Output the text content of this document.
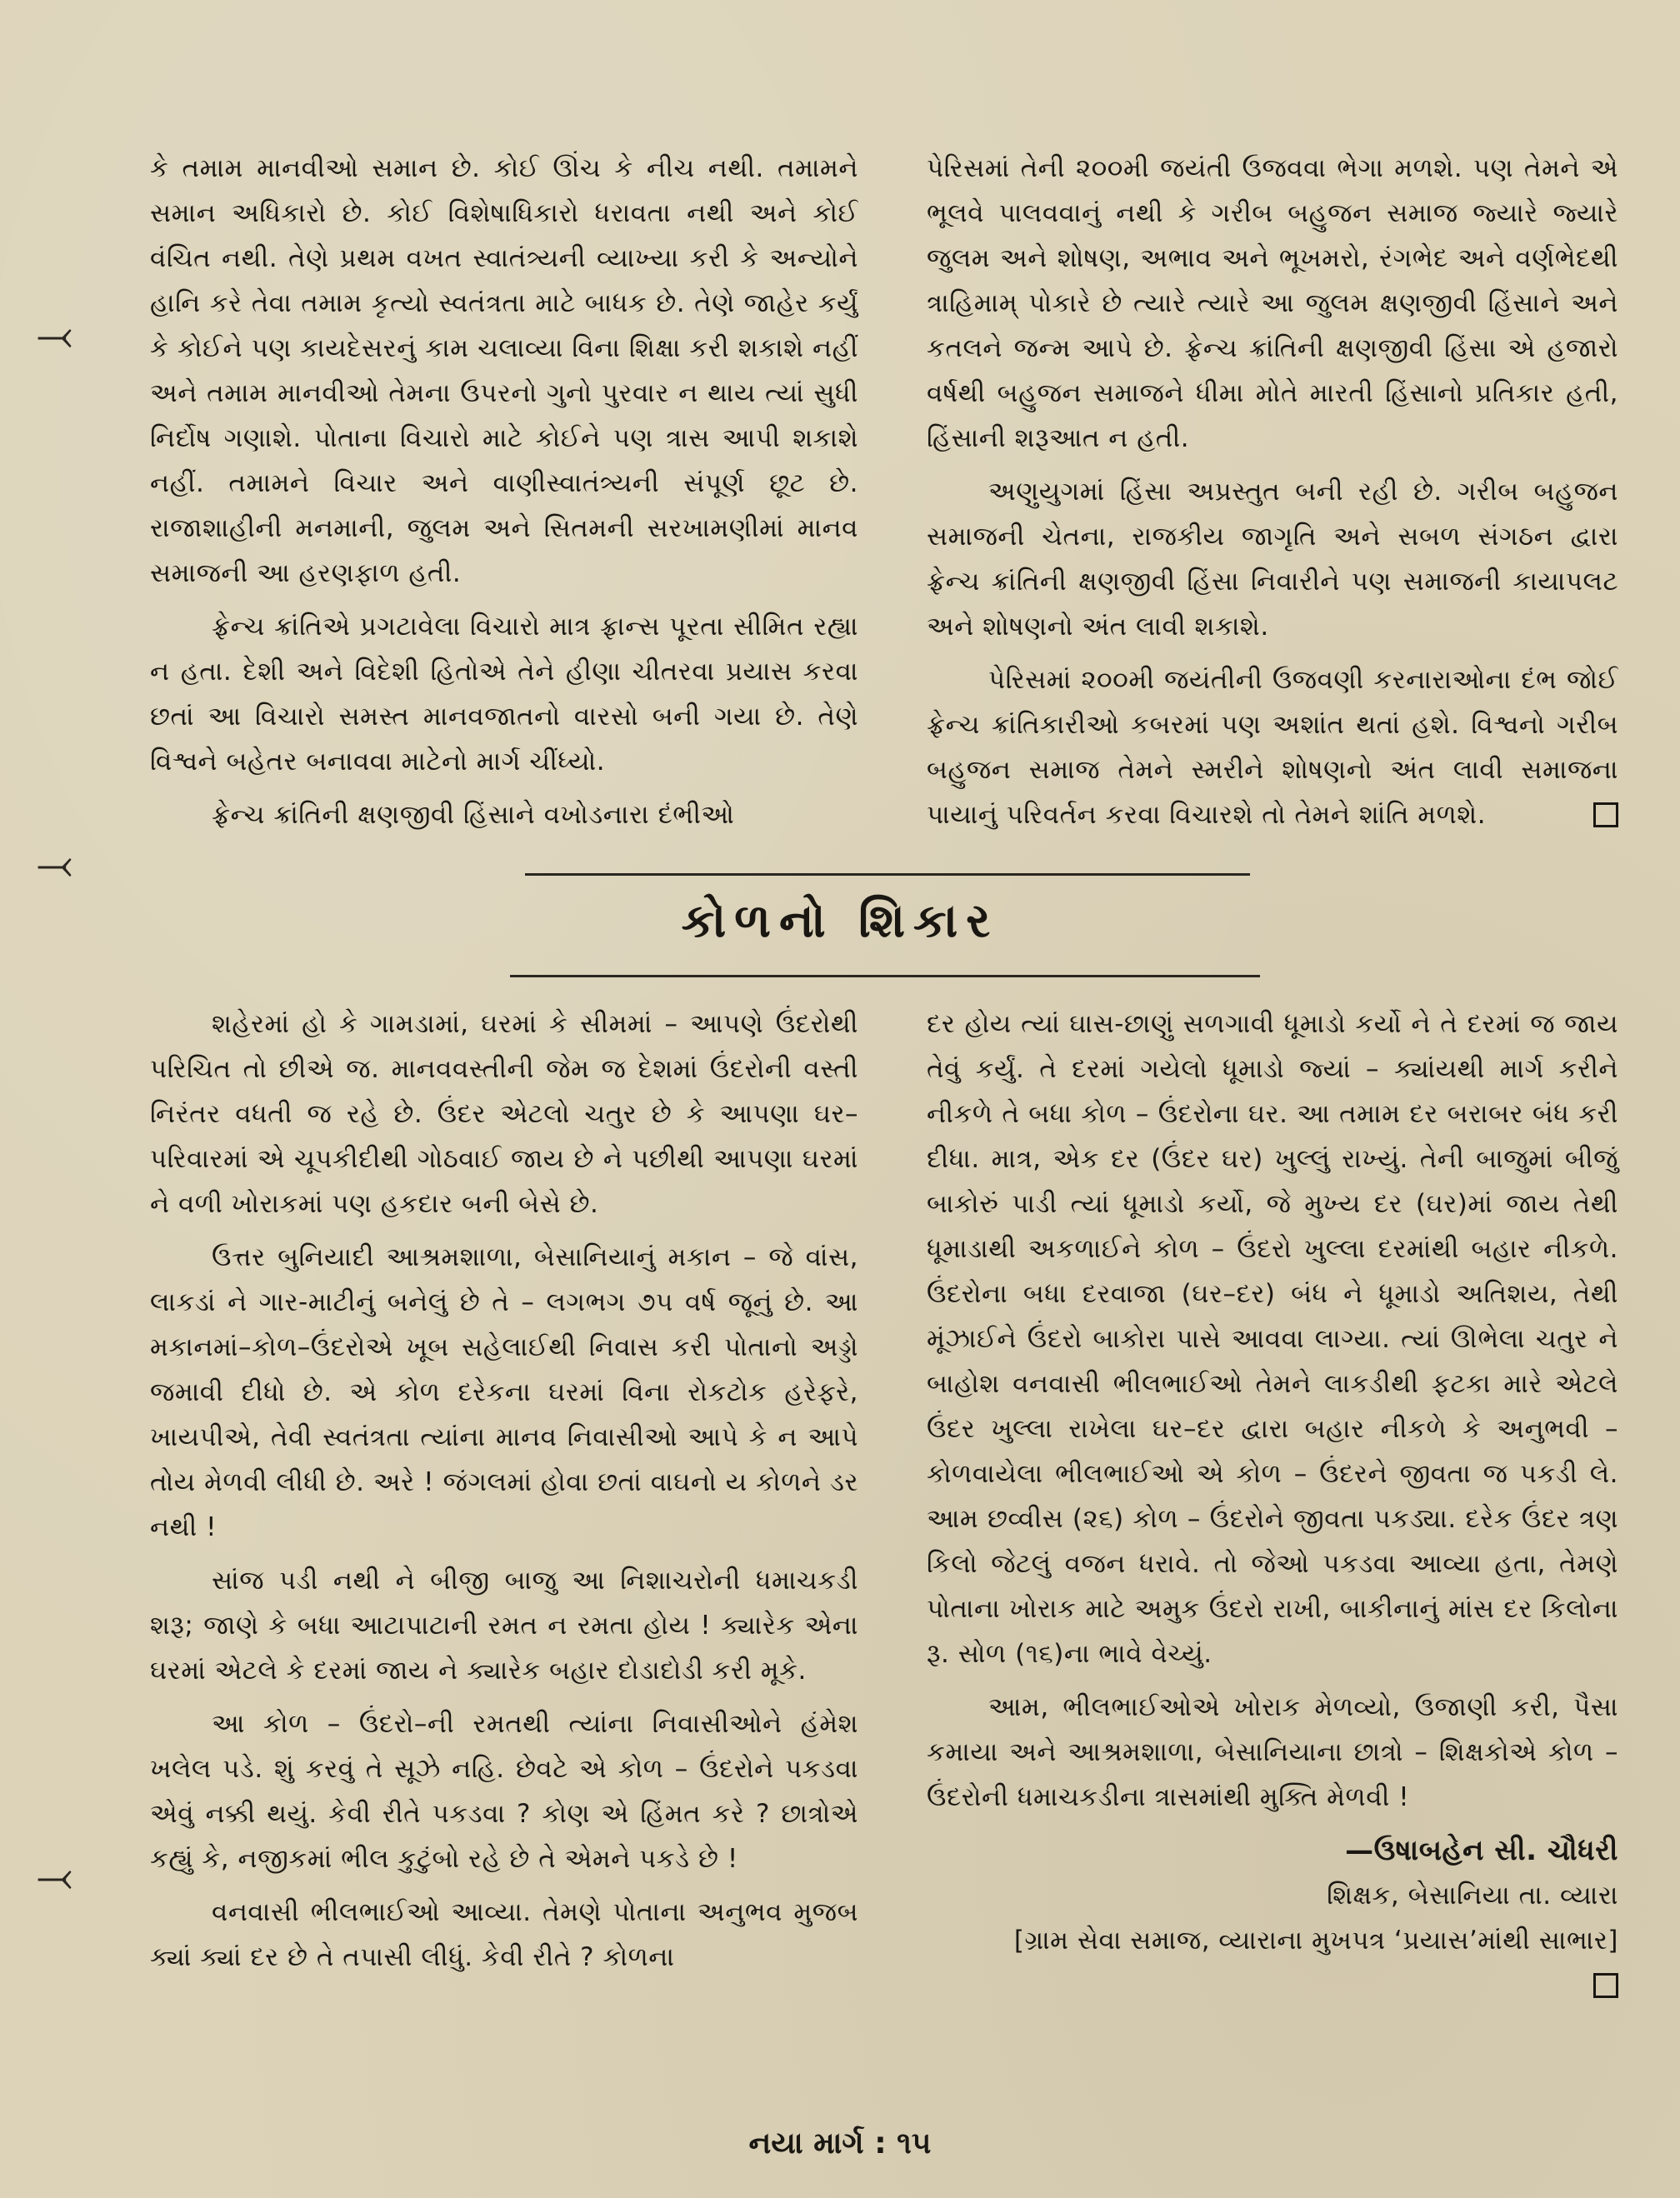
⤙
⤙
⤙

કે તમામ માનવીઓ સમાન છે. કોઈ ઊંચ કે નીચ નથી. તમામને સમાન અધિકારો છે. કોઈ વિશેષાધિકારો ધરાવતા નથી અને કોઈ વંચિત નથી. તેણે પ્રથમ વખત સ્વાતંત્ર્યની વ્યાખ્યા કરી કે અન્યોને હાનિ કરે તેવા તમામ કૃત્યો સ્વતંત્રતા માટે બાધક છે. તેણે જાહેર કર્યું કે કોઈને પણ કાયદેસરનું કામ ચલાવ્યા વિના શિક્ષા કરી શકાશે નહીં અને તમામ માનવીઓ તેમના ઉપરનો ગુનો પુરવાર ન થાય ત્યાં સુધી નિર્દોષ ગણાશે. પોતાના વિચારો માટે કોઈને પણ ત્રાસ આપી શકાશે નહીં. તમામને વિચાર અને વાણીસ્વાતંત્ર્યની સંપૂર્ણ છૂટ છે. રાજાશાહીની મનમાની, જુલમ અને સિતમની સરખામણીમાં માનવ સમાજની આ હરણફાળ હતી.

ફ્રેન્ચ ક્રાંતિએ પ્રગટાવેલા વિચારો માત્ર ફ્રાન્સ પૂરતા સીમિત રહ્યા ન હતા. દેશી અને વિદેશી હિતોએ તેને હીણા ચીતરવા પ્રયાસ કરવા છતાં આ વિચારો સમસ્ત માનવજાતનો વારસો બની ગયા છે. તેણે વિશ્વને બહેતર બનાવવા માટેનો માર્ગ ચીંધ્યો.

ફ્રેન્ચ ક્રાંતિની ક્ષણજીવી હિંસાને વખોડનારા દંભીઓ

પેરિસમાં તેની ૨૦૦મી જયંતી ઉજવવા ભેગા મળશે. પણ તેમને એ ભૂલવે પાલવવાનું નથી કે ગરીબ બહુજન સમાજ જ્યારે જ્યારે જુલમ અને શોષણ, અભાવ અને ભૂખમરો, રંગભેદ અને વર્ણભેદથી ત્રાહિમામ્ પોકારે છે ત્યારે ત્યારે આ જુલમ ક્ષણજીવી હિંસાને અને કતલને જન્મ આપે છે. ફ્રેન્ચ ક્રાંતિની ક્ષણજીવી હિંસા એ હજારો વર્ષથી બહુજન સમાજને ધીમા મોતે મારતી હિંસાનો પ્રતિકાર હતી, હિંસાની શરૂઆત ન હતી.

અણુયુગમાં હિંસા અપ્રસ્તુત બની રહી છે. ગરીબ બહુજન સમાજની ચેતના, રાજકીય જાગૃતિ અને સબળ સંગઠન દ્વારા ફ્રેન્ચ ક્રાંતિની ક્ષણજીવી હિંસા નિવારીને પણ સમાજની કાયાપલટ અને શોષણનો અંત લાવી શકાશે.

પેરિસમાં ૨૦૦મી જયંતીની ઉજવણી કરનારાઓના દંભ જોઈ ફ્રેન્ચ ક્રાંતિકારીઓ કબરમાં પણ અશાંત થતાં હશે. વિશ્વનો ગરીબ બહુજન સમાજ તેમને સ્મરીને શોષણનો અંત લાવી સમાજના પાયાનું પરિવર્તન કરવા વિચારશે તો તેમને શાંતિ મળશે.

કોળનો શિકાર

શહેરમાં હો કે ગામડામાં, ઘરમાં કે સીમમાં – આપણે ઉંદરોથી પરિચિત તો છીએ જ. માનવવસ્તીની જેમ જ દેશમાં ઉંદરોની વસ્તી નિરંતર વધતી જ રહે છે. ઉંદર એટલો ચતુર છે કે આપણા ઘર–પરિવારમાં એ ચૂપકીદીથી ગોઠવાઈ જાય છે ને પછીથી આપણા ઘરમાં ને વળી ખોરાકમાં પણ હકદાર બની બેસે છે.

ઉત્તર બુનિયાદી આશ્રમશાળા, બેસાનિયાનું મકાન – જે વાંસ, લાકડાં ને ગાર-માટીનું બનેલું છે તે – લગભગ ૭૫ વર્ષ જૂનું છે. આ મકાનમાં–કોળ–ઉંદરોએ ખૂબ સહેલાઈથી નિવાસ કરી પોતાનો અડ્ડો જમાવી દીધો છે. એ કોળ દરેકના ઘરમાં વિના રોકટોક હરેફરે, ખાયપીએ, તેવી સ્વતંત્રતા ત્યાંના માનવ નિવાસીઓ આપે કે ન આપે તોય મેળવી લીધી છે. અરે ! જંગલમાં હોવા છતાં વાઘનો ય કોળને ડર નથી !

સાંજ પડી નથી ને બીજી બાજુ આ નિશાચરોની ધમાચકડી શરૂ; જાણે કે બધા આટાપાટાની રમત ન રમતા હોય ! ક્યારેક એના ઘરમાં એટલે કે દરમાં જાય ને ક્યારેક બહાર દોડાદોડી કરી મૂકે.

આ કોળ – ઉંદરો–ની રમતથી ત્યાંના નિવાસીઓને હંમેશ ખલેલ પડે. શું કરવું તે સૂઝે નહિ. છેવટે એ કોળ – ઉંદરોને પકડવા એવું નક્કી થયું. કેવી રીતે પકડવા ? કોણ એ હિંમત કરે ? છાત્રોએ કહ્યું કે, નજીકમાં ભીલ કુટુંબો રહે છે તે એમને પકડે છે !

વનવાસી ભીલભાઈઓ આવ્યા. તેમણે પોતાના અનુભવ મુજબ ક્યાં ક્યાં દર છે તે તપાસી લીધું. કેવી રીતે ? કોળના

દર હોય ત્યાં ઘાસ-છાણું સળગાવી ધૂમાડો કર્યો ને તે દરમાં જ જાય તેવું કર્યું. તે દરમાં ગયેલો ધૂમાડો જ્યાં – ક્યાંયથી માર્ગ કરીને નીકળે તે બધા કોળ – ઉંદરોના ઘર. આ તમામ દર બરાબર બંધ કરી દીધા. માત્ર, એક દર (ઉંદર ઘર) ખુલ્લું રાખ્યું. તેની બાજુમાં બીજું બાકોરું પાડી ત્યાં ધૂમાડો કર્યો, જે મુખ્ય દર (ઘર)માં જાય તેથી ધૂમાડાથી અકળાઈને કોળ – ઉંદરો ખુલ્લા દરમાંથી બહાર નીકળે. ઉંદરોના બધા દરવાજા (ઘર–દર) બંધ ને ધૂમાડો અતિશય, તેથી મૂંઝાઈને ઉંદરો બાકોરા પાસે આવવા લાગ્યા. ત્યાં ઊભેલા ચતુર ને બાહોશ વનવાસી ભીલભાઈઓ તેમને લાકડીથી ફટકા મારે એટલે ઉંદર ખુલ્લા રાખેલા ઘર–દર દ્વારા બહાર નીકળે કે અનુભવી – કોળવાયેલા ભીલભાઈઓ એ કોળ – ઉંદરને જીવતા જ પકડી લે. આમ છવ્વીસ (૨૬) કોળ – ઉંદરોને જીવતા પકડ્યા. દરેક ઉંદર ત્રણ કિલો જેટલું વજન ધરાવે. તો જેઓ પકડવા આવ્યા હતા, તેમણે પોતાના ખોરાક માટે અમુક ઉંદરો રાખી, બાકીનાનું માંસ દર કિલોના રૂ. સોળ (૧૬)ના ભાવે વેચ્યું.

આમ, ભીલભાઈઓએ ખોરાક મેળવ્યો, ઉજાણી કરી, પૈસા કમાયા અને આશ્રમશાળા, બેસાનિયાના છાત્રો – શિક્ષકોએ કોળ – ઉંદરોની ધમાચકડીના ત્રાસમાંથી મુક્તિ મેળવી !

—ઉષાબહેન સી. ચૌધરી
શિક્ષક, બેસાનિયા તા. વ્યારા
[ગ્રામ સેવા સમાજ, વ્યારાના મુખપત્ર ‘પ્રયાસ’માંથી સાભાર]
નયા માર્ગ : ૧૫
